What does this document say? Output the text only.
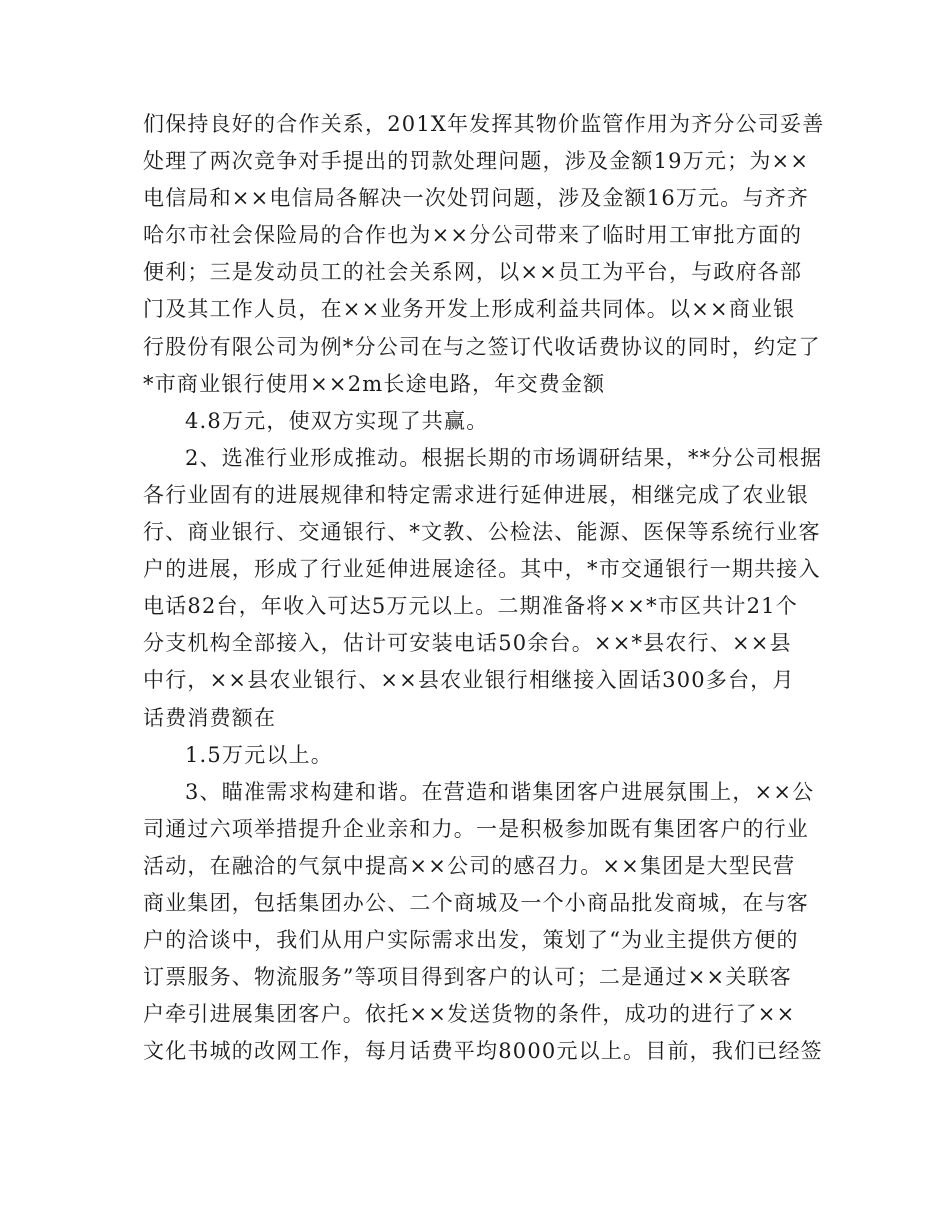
们保持良好的合作关系，201X年发挥其物价监管作用为齐分公司妥善
处理了两次竞争对手提出的罚款处理问题，涉及金额19万元；为××
电信局和××电信局各解决一次处罚问题，涉及金额16万元。与齐齐
哈尔市社会保险局的合作也为××分公司带来了临时用工审批方面的
便利；三是发动员工的社会关系网，以××员工为平台，与政府各部
门及其工作人员，在××业务开发上形成利益共同体。以××商业银
行股份有限公司为例*分公司在与之签订代收话费协议的同时，约定了
*市商业银行使用××2m长途电路，年交费金额
4.8万元，使双方实现了共赢。
2、选准行业形成推动。根据长期的市场调研结果，**分公司根据
各行业固有的进展规律和特定需求进行延伸进展，相继完成了农业银
行、商业银行、交通银行、*文教、公检法、能源、医保等系统行业客
户的进展，形成了行业延伸进展途径。其中，*市交通银行一期共接入
电话82台，年收入可达5万元以上。二期准备将××*市区共计21个
分支机构全部接入，估计可安装电话50余台。××*县农行、××县
中行，××县农业银行、××县农业银行相继接入固话300多台，月
话费消费额在
1.5万元以上。
3、瞄准需求构建和谐。在营造和谐集团客户进展氛围上，××公
司通过六项举措提升企业亲和力。一是积极参加既有集团客户的行业
活动，在融洽的气氛中提高××公司的感召力。××集团是大型民营
商业集团，包括集团办公、二个商城及一个小商品批发商城，在与客
户的洽谈中，我们从用户实际需求出发，策划了“为业主提供方便的
订票服务、物流服务”等项目得到客户的认可；二是通过××关联客
户牵引进展集团客户。依托××发送货物的条件，成功的进行了××
文化书城的改网工作，每月话费平均8000元以上。目前，我们已经签
